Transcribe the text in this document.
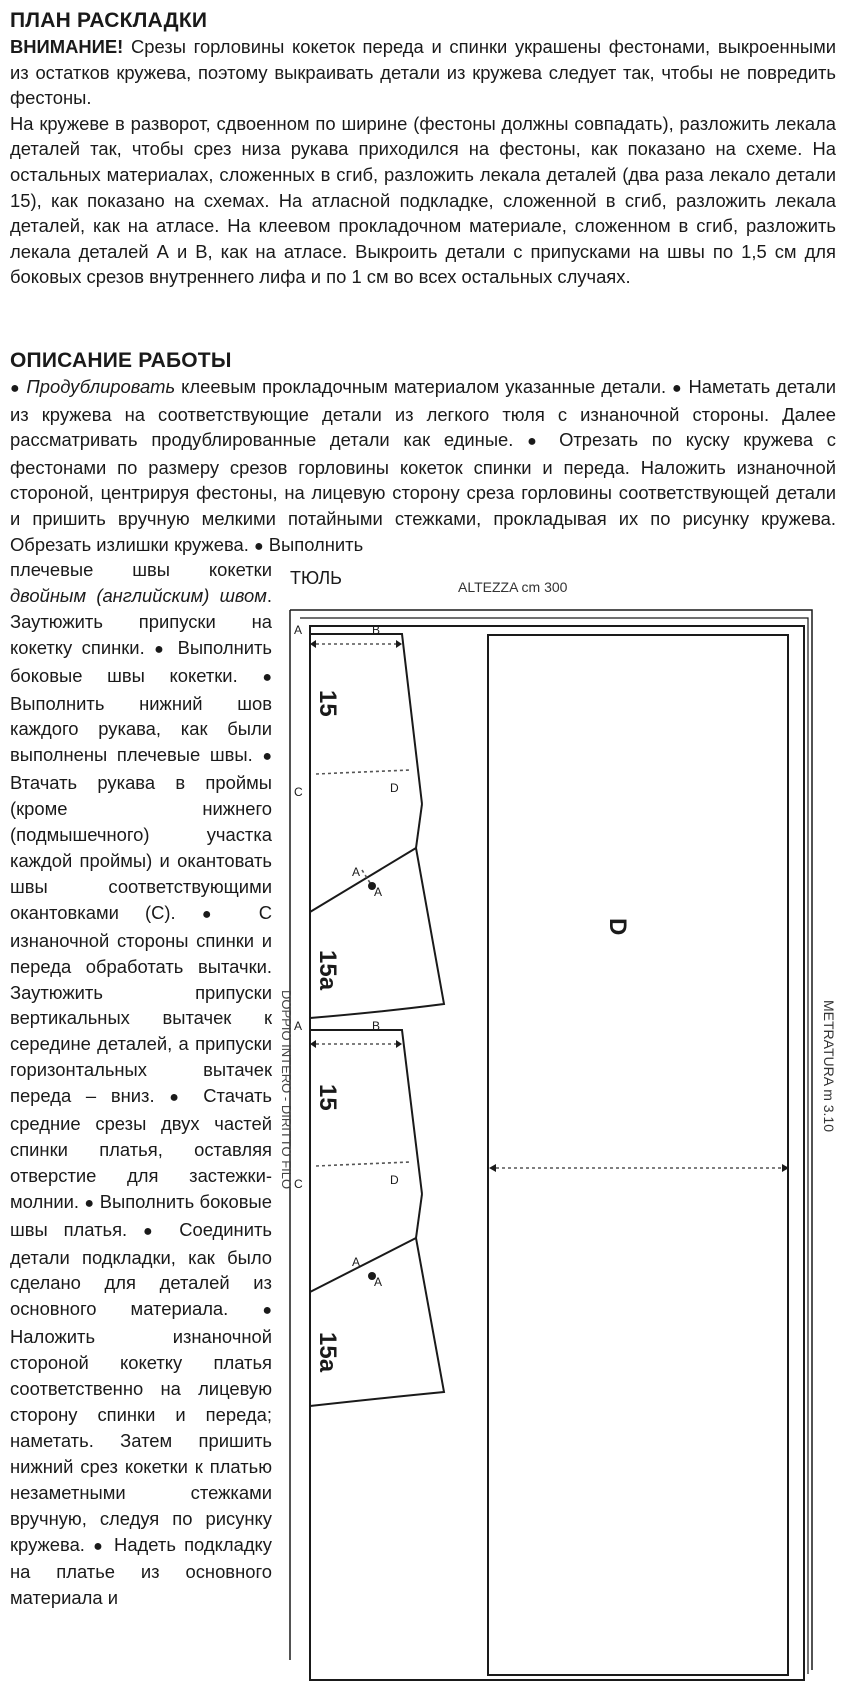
ПЛАН РАСКЛАДКИ

ВНИМАНИЕ! Срезы горловины кокеток переда и спинки украшены фестонами, выкроенными из остатков кружева, поэтому выкраивать детали из кружева следует так, чтобы не повредить фестоны.

На кружеве в разворот, сдвоенном по ширине (фестоны должны совпадать), разложить лекала деталей так, чтобы срез низа рукава приходился на фестоны, как показано на схеме. На остальных материалах, сложенных в сгиб, разложить лекала деталей (два раза лекало детали 15), как показано на схемах. На атласной подкладке, сложенной в сгиб, разложить лекала деталей, как на атласе. На клеевом прокладочном материале, сложенном в сгиб, разложить лекала деталей А и В, как на атласе. Выкроить детали с припусками на швы по 1,5 см для боковых срезов внутреннего лифа и по 1 см во всех остальных случаях.

ОПИСАНИЕ РАБОТЫ

● Продублировать клеевым прокладочным материалом указанные детали. ● Наметать детали из кружева на соответствующие детали из легкого тюля с изнаночной стороны. Далее рассматривать продублированные детали как единые. ● Отрезать по куску кружева с фестонами по размеру срезов горловины кокеток спинки и переда. Наложить изнаночной стороной, центрируя фестоны, на лицевую сторону среза горловины соответствующей детали и пришить вручную мелкими потайными стежками, прокладывая их по рисунку кружева. Обрезать излишки кружева. ● Выполнить

плечевые швы кокетки двойным (английским) швом. Заутюжить припуски на кокетку спинки. ● Выполнить боковые швы кокетки. ● Выполнить нижний шов каждого рукава, как были выполнены плечевые швы. ● Втачать рукава в проймы (кроме нижнего (подмышечного) участка каждой проймы) и окантовать швы соответствующими окантовками (С). ● С изнаночной стороны спинки и переда обработать вытачки. Заутюжить припуски вертикальных вытачек к середине деталей, а припуски горизонтальных вытачек переда – вниз. ● Стачать средние срезы двух частей спинки платья, оставляя отверстие для застежки-молнии. ● Выполнить боковые швы платья. ● Соединить детали подкладки, как было сделано для деталей из основного материала. ● Наложить изнаночной стороной кокетку платья соответственно на лицевую сторону спинки и переда; наметать. Затем пришить нижний срез кокетки к платью незаметными стежками вручную, следуя по рисунку кружева. ● Надеть подкладку на платье из основного материала и
ТЮЛЬ	ALTEZZA cm 300
15
15a
15
15a
D
A	B
C	D
A
A
A	B
C	D
A
A
DOPPIO INTERO - DIRITTO FILO	METRATURA m 3.10
